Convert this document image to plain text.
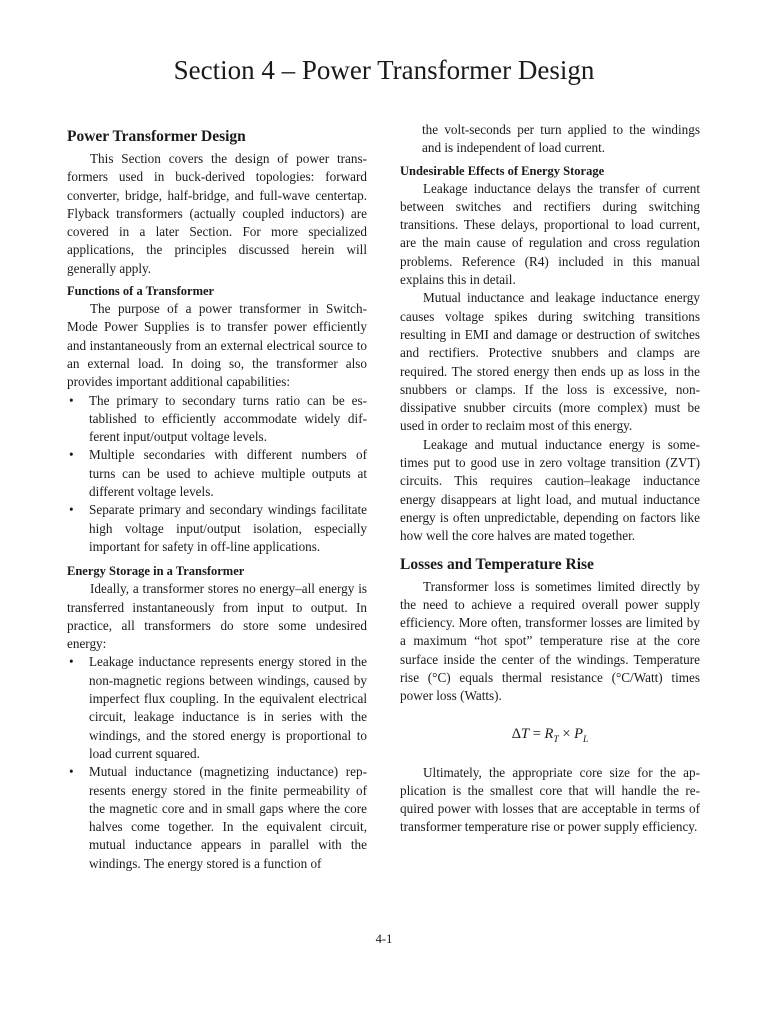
Section 4 – Power Transformer Design
Power Transformer Design

This Section covers the design of power transformers used in buck-derived topologies: forward converter, bridge, half-bridge, and full-wave centertap. Flyback transformers (actually coupled inductors) are covered in a later Section. For more specialized applications, the principles discussed herein will generally apply.

Functions of a Transformer

The purpose of a power transformer in Switch-Mode Power Supplies is to transfer power efficiently and instantaneously from an external electrical source to an external load. In doing so, the transformer also provides important additional capabilities:

• The primary to secondary turns ratio can be established to efficiently accommodate widely different input/output voltage levels.
• Multiple secondaries with different numbers of turns can be used to achieve multiple outputs at different voltage levels.
• Separate primary and secondary windings facilitate high voltage input/output isolation, especially important for safety in off-line applications.
Energy Storage in a Transformer

Ideally, a transformer stores no energy–all energy is transferred instantaneously from input to output. In practice, all transformers do store some undesired energy:

• Leakage inductance represents energy stored in the non-magnetic regions between windings, caused by imperfect flux coupling. In the equivalent electrical circuit, leakage inductance is in series with the windings, and the stored energy is proportional to load current squared.
• Mutual inductance (magnetizing inductance) represents energy stored in the finite permeability of the magnetic core and in small gaps where the core halves come together. In the equivalent circuit, mutual inductance appears in parallel with the windings. The energy stored is a function of

the volt-seconds per turn applied to the windings and is independent of load current.

Undesirable Effects of Energy Storage

Leakage inductance delays the transfer of current between switches and rectifiers during switching transitions. These delays, proportional to load current, are the main cause of regulation and cross regulation problems. Reference (R4) included in this manual explains this in detail.

Mutual inductance and leakage inductance energy causes voltage spikes during switching transitions resulting in EMI and damage or destruction of switches and rectifiers. Protective snubbers and clamps are required. The stored energy then ends up as loss in the snubbers or clamps. If the loss is excessive, non-dissipative snubber circuits (more complex) must be used in order to reclaim most of this energy.

Leakage and mutual inductance energy is sometimes put to good use in zero voltage transition (ZVT) circuits. This requires caution–leakage inductance energy disappears at light load, and mutual inductance energy is often unpredictable, depending on factors like how well the core halves are mated together.

Losses and Temperature Rise

Transformer loss is sometimes limited directly by the need to achieve a required overall power supply efficiency. More often, transformer losses are limited by a maximum “hot spot” temperature rise at the core surface inside the center of the windings. Temperature rise (°C) equals thermal resistance (°C/Watt) times power loss (Watts).

$\Delta T = R_T \times P_L$

Ultimately, the appropriate core size for the application is the smallest core that will handle the required power with losses that are acceptable in terms of transformer temperature rise or power supply efficiency.

4-1
